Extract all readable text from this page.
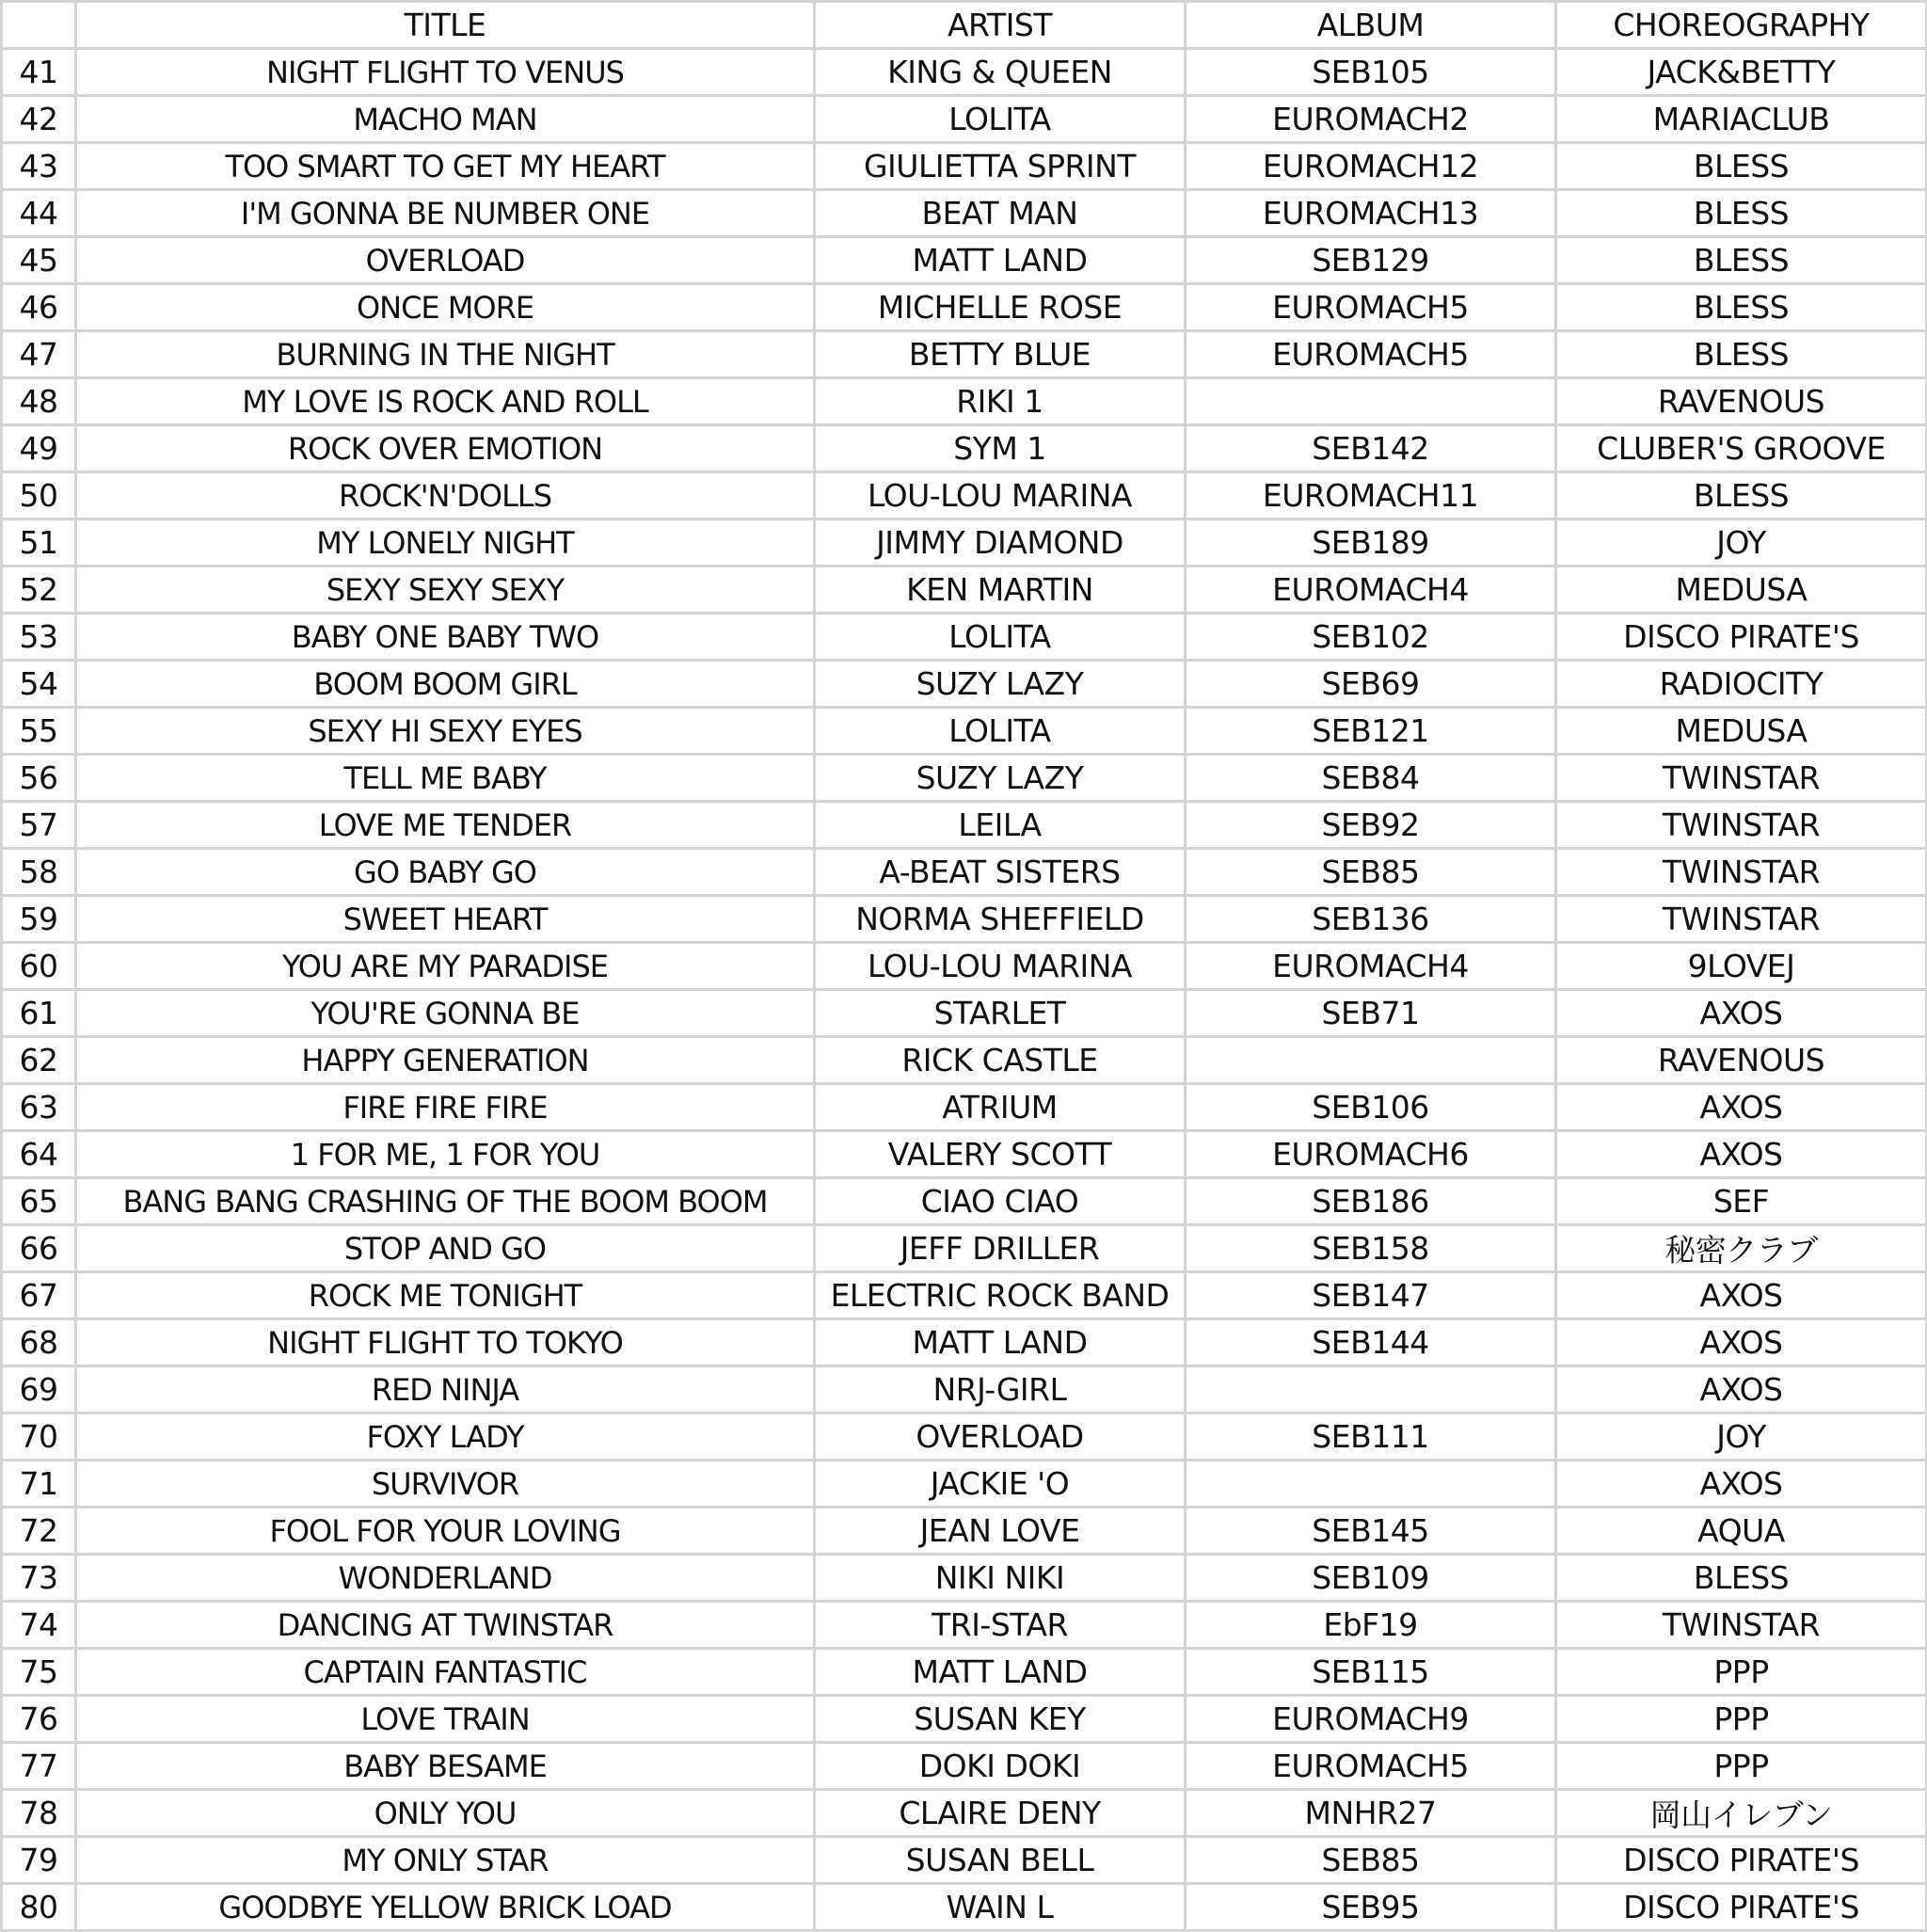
	TITLE	ARTIST	ALBUM	CHOREOGRAPHY
41	NIGHT FLIGHT TO VENUS	KING & QUEEN	SEB105	JACK&BETTY
42	MACHO MAN	LOLITA	EUROMACH2	MARIACLUB
43	TOO SMART TO GET MY HEART	GIULIETTA SPRINT	EUROMACH12	BLESS
44	I'M GONNA BE NUMBER ONE	BEAT MAN	EUROMACH13	BLESS
45	OVERLOAD	MATT LAND	SEB129	BLESS
46	ONCE MORE	MICHELLE ROSE	EUROMACH5	BLESS
47	BURNING IN THE NIGHT	BETTY BLUE	EUROMACH5	BLESS
48	MY LOVE IS ROCK AND ROLL	RIKI 1		RAVENOUS
49	ROCK OVER EMOTION	SYM 1	SEB142	CLUBER'S GROOVE
50	ROCK'N'DOLLS	LOU-LOU MARINA	EUROMACH11	BLESS
51	MY LONELY NIGHT	JIMMY DIAMOND	SEB189	JOY
52	SEXY SEXY SEXY	KEN MARTIN	EUROMACH4	MEDUSA
53	BABY ONE BABY TWO	LOLITA	SEB102	DISCO PIRATE'S
54	BOOM BOOM GIRL	SUZY LAZY	SEB69	RADIOCITY
55	SEXY HI SEXY EYES	LOLITA	SEB121	MEDUSA
56	TELL ME BABY	SUZY LAZY	SEB84	TWINSTAR
57	LOVE ME TENDER	LEILA	SEB92	TWINSTAR
58	GO BABY GO	A-BEAT SISTERS	SEB85	TWINSTAR
59	SWEET HEART	NORMA SHEFFIELD	SEB136	TWINSTAR
60	YOU ARE MY PARADISE	LOU-LOU MARINA	EUROMACH4	9LOVEJ
61	YOU'RE GONNA BE	STARLET	SEB71	AXOS
62	HAPPY GENERATION	RICK CASTLE		RAVENOUS
63	FIRE FIRE FIRE	ATRIUM	SEB106	AXOS
64	1 FOR ME, 1 FOR YOU	VALERY SCOTT	EUROMACH6	AXOS
65	BANG BANG CRASHING OF THE BOOM BOOM	CIAO CIAO	SEB186	SEF
66	STOP AND GO	JEFF DRILLER	SEB158	秘密クラブ
67	ROCK ME TONIGHT	ELECTRIC ROCK BAND	SEB147	AXOS
68	NIGHT FLIGHT TO TOKYO	MATT LAND	SEB144	AXOS
69	RED NINJA	NRJ-GIRL		AXOS
70	FOXY LADY	OVERLOAD	SEB111	JOY
71	SURVIVOR	JACKIE 'O		AXOS
72	FOOL FOR YOUR LOVING	JEAN LOVE	SEB145	AQUA
73	WONDERLAND	NIKI NIKI	SEB109	BLESS
74	DANCING AT TWINSTAR	TRI-STAR	EbF19	TWINSTAR
75	CAPTAIN FANTASTIC	MATT LAND	SEB115	PPP
76	LOVE TRAIN	SUSAN KEY	EUROMACH9	PPP
77	BABY BESAME	DOKI DOKI	EUROMACH5	PPP
78	ONLY YOU	CLAIRE DENY	MNHR27	岡山イレブン
79	MY ONLY STAR	SUSAN BELL	SEB85	DISCO PIRATE'S
80	GOODBYE YELLOW BRICK LOAD	WAIN L	SEB95	DISCO PIRATE'S
